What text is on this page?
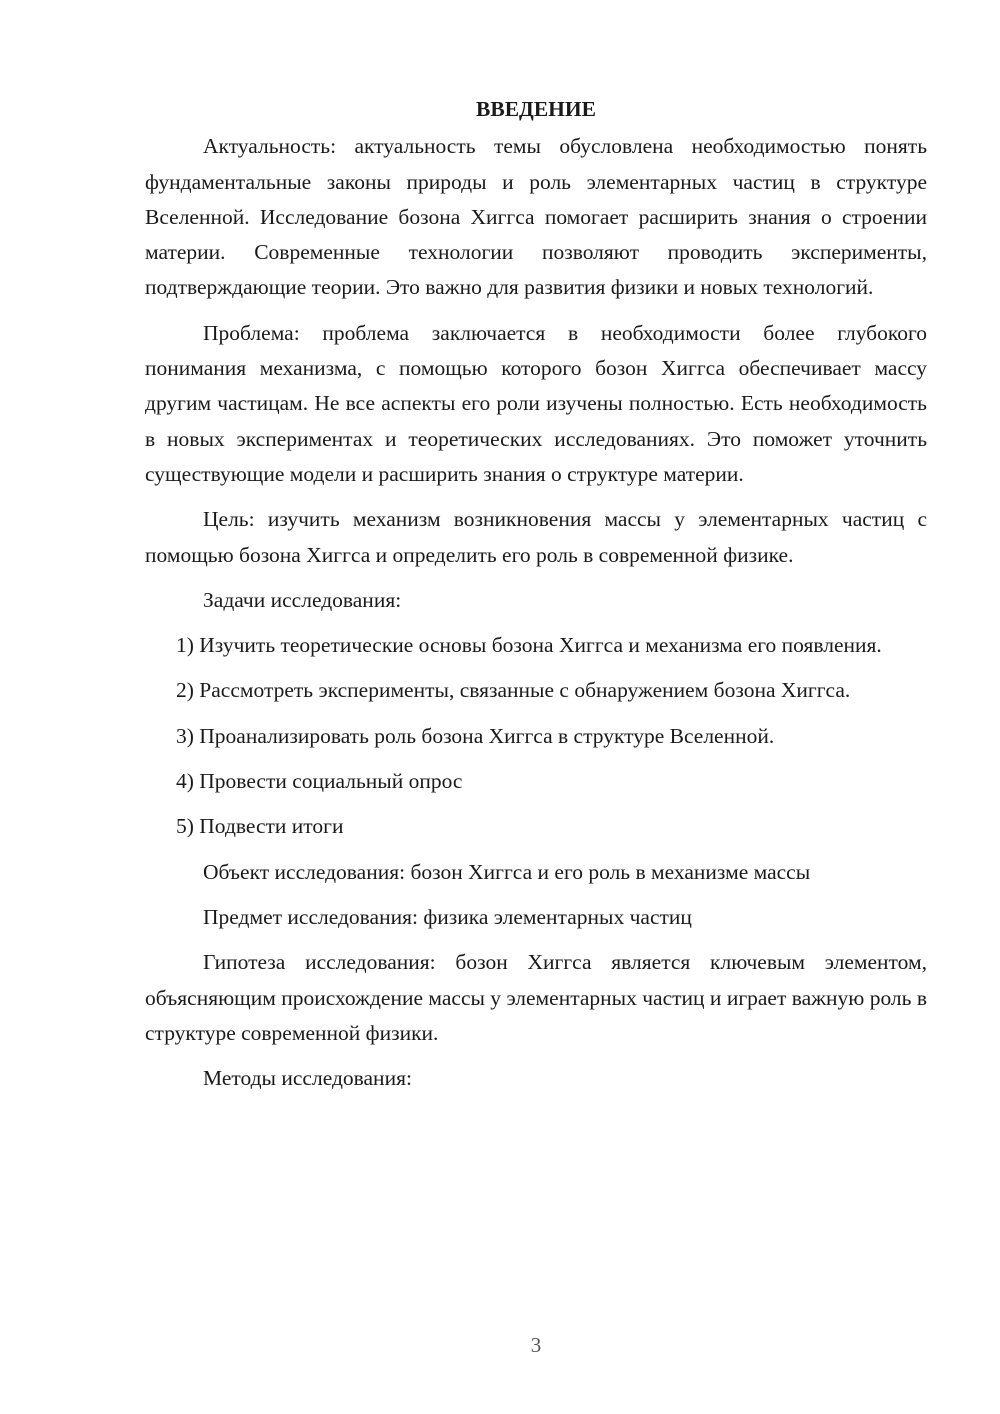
ВВЕДЕНИЕ

Актуальность: актуальность темы обусловлена необходимостью понять фундаментальные законы природы и роль элементарных частиц в структуре Вселенной. Исследование бозона Хиггса помогает расширить знания о строении материи. Современные технологии позволяют проводить эксперименты, подтверждающие теории. Это важно для развития физики и новых технологий.

Проблема: проблема заключается в необходимости более глубокого понимания механизма, с помощью которого бозон Хиггса обеспечивает массу другим частицам. Не все аспекты его роли изучены полностью. Есть необходимость в новых экспериментах и теоретических исследованиях. Это поможет уточнить существующие модели и расширить знания о структуре материи.

Цель: изучить механизм возникновения массы у элементарных частиц с помощью бозона Хиггса и определить его роль в современной физике.

Задачи исследования:

1) Изучить теоретические основы бозона Хиггса и механизма его появления.

2) Рассмотреть эксперименты, связанные с обнаружением бозона Хиггса.

3) Проанализировать роль бозона Хиггса в структуре Вселенной.

4) Провести социальный опрос

5) Подвести итоги

Объект исследования: бозон Хиггса и его роль в механизме массы

Предмет исследования: физика элементарных частиц

Гипотеза исследования: бозон Хиггса является ключевым элементом, объясняющим происхождение массы у элементарных частиц и играет важную роль в структуре современной физики.

Методы исследования:

3
